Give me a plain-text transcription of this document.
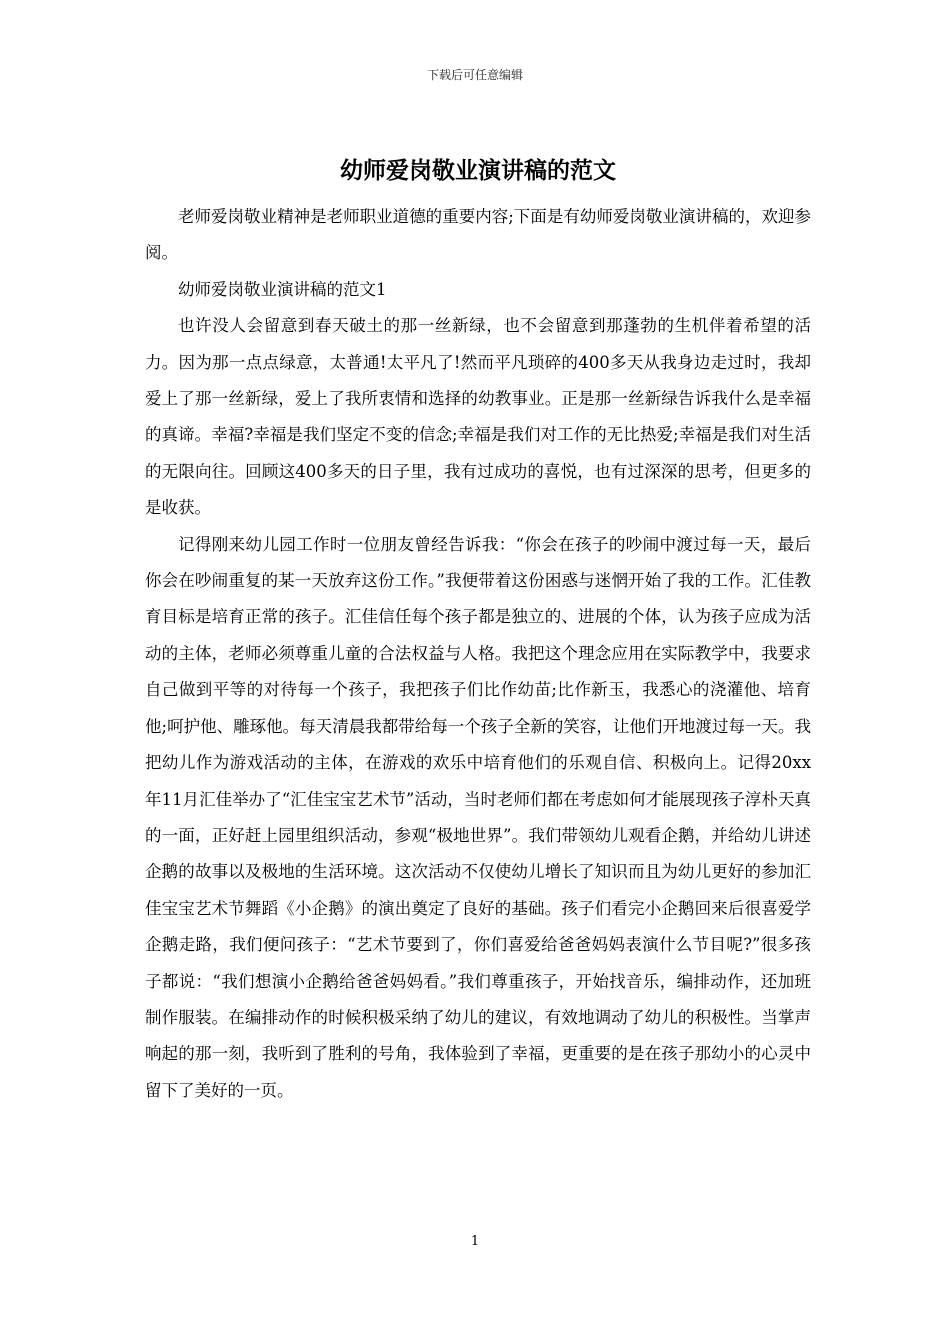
下载后可任意编辑
幼师爱岗敬业演讲稿的范文

老师爱岗敬业精神是老师职业道德的重要内容;下面是有幼师爱岗敬业演讲稿的，欢迎参阅。

幼师爱岗敬业演讲稿的范文1

也许没人会留意到春天破土的那一丝新绿，也不会留意到那蓬勃的生机伴着希望的活力。因为那一点点绿意，太普通!太平凡了!然而平凡琐碎的400多天从我身边走过时，我却爱上了那一丝新绿，爱上了我所衷情和选择的幼教事业。正是那一丝新绿告诉我什么是幸福的真谛。幸福?幸福是我们坚定不变的信念;幸福是我们对工作的无比热爱;幸福是我们对生活的无限向往。回顾这400多天的日子里，我有过成功的喜悦，也有过深深的思考，但更多的是收获。

记得刚来幼儿园工作时一位朋友曾经告诉我：“你会在孩子的吵闹中渡过每一天，最后你会在吵闹重复的某一天放弃这份工作。”我便带着这份困惑与迷惘开始了我的工作。汇佳教育目标是培育正常的孩子。汇佳信任每个孩子都是独立的、进展的个体，认为孩子应成为活动的主体，老师必须尊重儿童的合法权益与人格。我把这个理念应用在实际教学中，我要求自己做到平等的对待每一个孩子，我把孩子们比作幼苗;比作新玉，我悉心的浇灌他、培育他;呵护他、雕琢他。每天清晨我都带给每一个孩子全新的笑容，让他们开地渡过每一天。我把幼儿作为游戏活动的主体，在游戏的欢乐中培育他们的乐观自信、积极向上。记得20xx年11月汇佳举办了“汇佳宝宝艺术节”活动，当时老师们都在考虑如何才能展现孩子淳朴天真的一面，正好赶上园里组织活动，参观“极地世界”。我们带领幼儿观看企鹅，并给幼儿讲述企鹅的故事以及极地的生活环境。这次活动不仅使幼儿增长了知识而且为幼儿更好的参加汇佳宝宝艺术节舞蹈《小企鹅》的演出奠定了良好的基础。孩子们看完小企鹅回来后很喜爱学企鹅走路，我们便问孩子：“艺术节要到了，你们喜爱给爸爸妈妈表演什么节目呢?”很多孩子都说：“我们想演小企鹅给爸爸妈妈看。”我们尊重孩子，开始找音乐，编排动作，还加班制作服装。在编排动作的时候积极采纳了幼儿的建议，有效地调动了幼儿的积极性。当掌声响起的那一刻，我听到了胜利的号角，我体验到了幸福，更重要的是在孩子那幼小的心灵中留下了美好的一页。

1
